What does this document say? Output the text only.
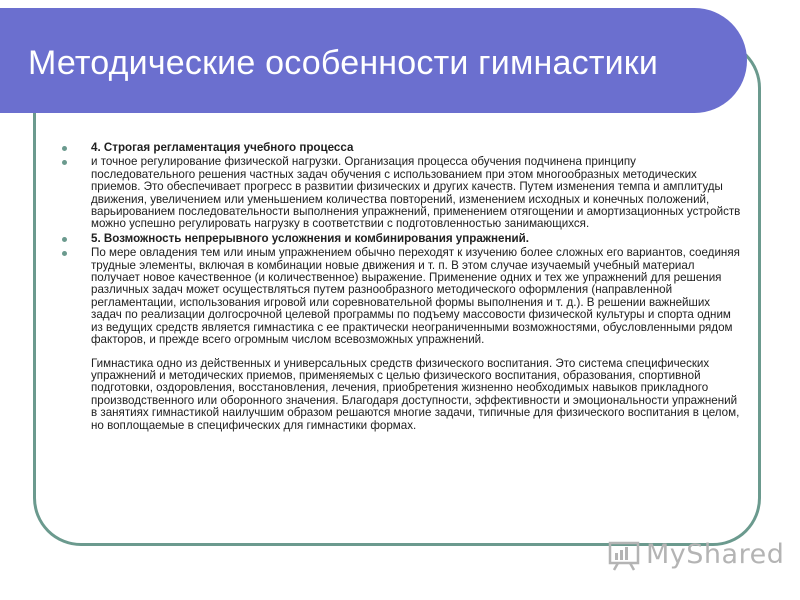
Методические особенности гимнастики
4. Строгая регламентация учебного процесса
и точное регулирование физической нагрузки. Организация процесса обучения подчинена принципу последовательного решения частных задач обучения с использованием при этом многообразных методических приемов. Это обеспечивает прогресс в развитии физических и других качеств. Путем изменения темпа и амплитуды движения, увеличением или уменьшением количества повторений, изменением исходных и конечных положений, варьированием последовательности выполнения упражнений, применением отягощении и амортизационных устройств можно успешно регулировать нагрузку в соответствии с подготовленностью занимающихся.
5. Возможность непрерывного усложнения и комбинирования упражнений.
По мере овладения тем или иным упражнением обычно переходят к изучению более сложных его вариантов, соединяя трудные элементы, включая в комбинации новые движения и т. п. В этом случае изучаемый учебный материал получает новое качественное (и количественное) выражение. Применение одних и тех же упражнений для решения различных задач может осуществляться путем разнообразного методического оформления (направленной регламентации, использования игровой или соревновательной формы выполнения и т. д.). В решении важнейших задач по реализации долгосрочной целевой программы по подъему массовости физической культуры и спорта одним из ведущих средств является гимнастика с ее практически неограниченными возможностями, обусловленными рядом факторов, и прежде всего огромным числом всевозможных упражнений.
Гимнастика одно из действенных и универсальных средств физического воспитания. Это система специфических упражнений и методических приемов, применяемых с целью физического воспитания, образования, спортивной подготовки, оздоровления, восстановления, лечения, приобретения жизненно необходимых навыков прикладного производственного или оборонного значения. Благодаря доступности, эффективности и эмоциональности упражнений в занятиях гимнастикой наилучшим образом решаются многие задачи, типичные для физического воспитания в целом, но воплощаемые в специфических для гимнастики формах.
MyShared
